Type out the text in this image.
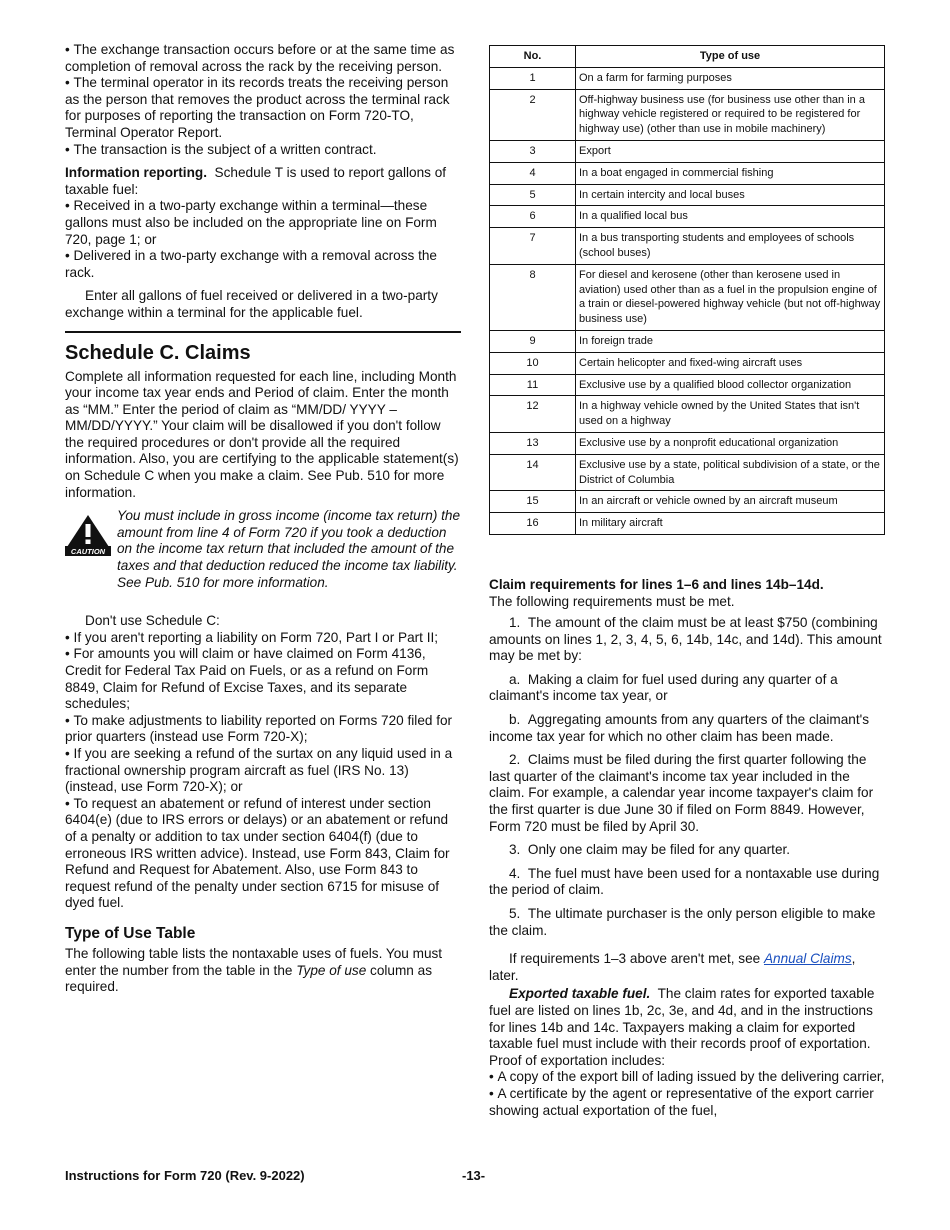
• The exchange transaction occurs before or at the same time as completion of removal across the rack by the receiving person.

• The terminal operator in its records treats the receiving person as the person that removes the product across the terminal rack for purposes of reporting the transaction on Form 720-TO, Terminal Operator Report.

• The transaction is the subject of a written contract.

Information reporting. Schedule T is used to report gallons of taxable fuel:

• Received in a two-party exchange within a terminal—these gallons must also be included on the appropriate line on Form 720, page 1; or

• Delivered in a two-party exchange with a removal across the rack.

Enter all gallons of fuel received or delivered in a two-party exchange within a terminal for the applicable fuel.

Schedule C. Claims

Complete all information requested for each line, including Month your income tax year ends and Period of claim. Enter the month as “MM.” Enter the period of claim as “MM/DD/ YYYY – MM/DD/YYYY.” Your claim will be disallowed if you don't follow the required procedures or don't provide all the required information. Also, you are certifying to the applicable statement(s) on Schedule C when you make a claim. See Pub. 510 for more information.

CAUTION

You must include in gross income (income tax return) the amount from line 4 of Form 720 if you took a deduction on the income tax return that included the amount of the taxes and that deduction reduced the income tax liability. See Pub. 510 for more information.

Don't use Schedule C:

• If you aren't reporting a liability on Form 720, Part I or Part II;

• For amounts you will claim or have claimed on Form 4136, Credit for Federal Tax Paid on Fuels, or as a refund on Form 8849, Claim for Refund of Excise Taxes, and its separate schedules;

• To make adjustments to liability reported on Forms 720 filed for prior quarters (instead use Form 720-X);

• If you are seeking a refund of the surtax on any liquid used in a fractional ownership program aircraft as fuel (IRS No. 13) (instead, use Form 720-X); or

• To request an abatement or refund of interest under section 6404(e) (due to IRS errors or delays) or an abatement or refund of a penalty or addition to tax under section 6404(f) (due to erroneous IRS written advice). Instead, use Form 843, Claim for Refund and Request for Abatement. Also, use Form 843 to request refund of the penalty under section 6715 for misuse of dyed fuel.

Type of Use Table

The following table lists the nontaxable uses of fuels. You must enter the number from the table in the Type of use column as required.

No.	Type of use
1	On a farm for farming purposes
2	Off-highway business use (for business use other than in a highway vehicle registered or required to be registered for highway use) (other than use in mobile machinery)
3	Export
4	In a boat engaged in commercial fishing
5	In certain intercity and local buses
6	In a qualified local bus
7	In a bus transporting students and employees of schools (school buses)
8	For diesel and kerosene (other than kerosene used in aviation) used other than as a fuel in the propulsion engine of a train or diesel-powered highway vehicle (but not off-highway business use)
9	In foreign trade
10	Certain helicopter and fixed-wing aircraft uses
11	Exclusive use by a qualified blood collector organization
12	In a highway vehicle owned by the United States that isn't used on a highway
13	Exclusive use by a nonprofit educational organization
14	Exclusive use by a state, political subdivision of a state, or the District of Columbia
15	In an aircraft or vehicle owned by an aircraft museum
16	In military aircraft

Claim requirements for lines 1–6 and lines 14b–14d.

The following requirements must be met.

1.  The amount of the claim must be at least $750 (combining amounts on lines 1, 2, 3, 4, 5, 6, 14b, 14c, and 14d). This amount may be met by:

a.  Making a claim for fuel used during any quarter of a claimant's income tax year, or

b.  Aggregating amounts from any quarters of the claimant's income tax year for which no other claim has been made.

2.  Claims must be filed during the first quarter following the last quarter of the claimant's income tax year included in the claim. For example, a calendar year income taxpayer's claim for the first quarter is due June 30 if filed on Form 8849. However, Form 720 must be filed by April 30.

3.  Only one claim may be filed for any quarter.

4.  The fuel must have been used for a nontaxable use during the period of claim.

5.  The ultimate purchaser is the only person eligible to make the claim.

If requirements 1–3 above aren't met, see Annual Claims, later.

Exported taxable fuel. The claim rates for exported taxable fuel are listed on lines 1b, 2c, 3e, and 4d, and in the instructions for lines 14b and 14c. Taxpayers making a claim for exported taxable fuel must include with their records proof of exportation. Proof of exportation includes:

• A copy of the export bill of lading issued by the delivering carrier,

• A certificate by the agent or representative of the export carrier showing actual exportation of the fuel,

Instructions for Form 720 (Rev. 9-2022)	-13-
